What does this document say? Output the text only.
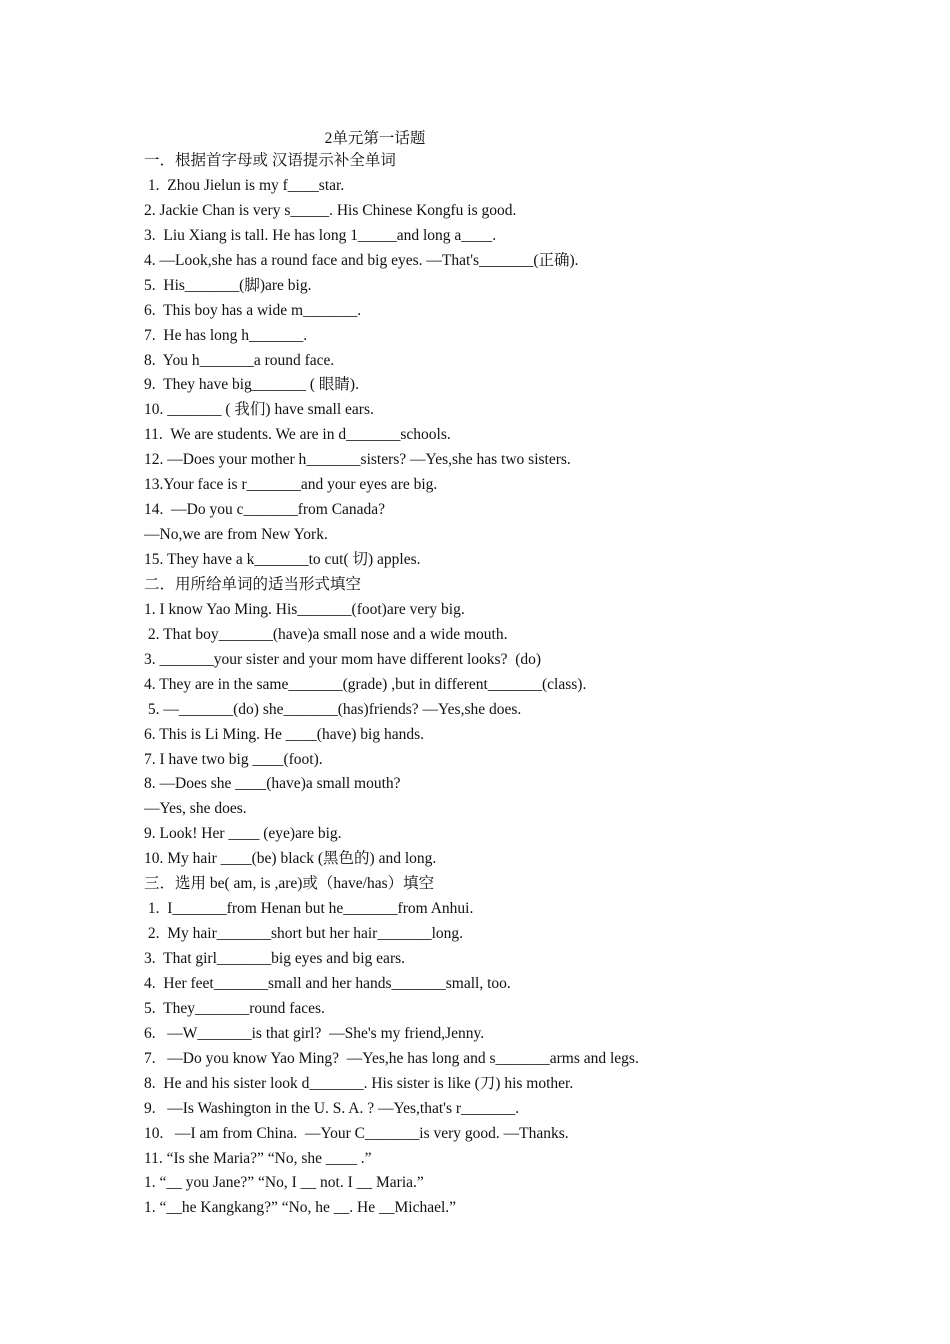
2单元第一话题
一．根据首字母或 汉语提示补全单词
1.  Zhou Jielun is my f____star.
2. Jackie Chan is very s_____. His Chinese Kongfu is good.
3.  Liu Xiang is tall. He has long 1_____and long a____.
4. —Look,she has a round face and big eyes. —That's_______(正确).
5.  His_______(脚)are big.
6.  This boy has a wide m_______.
7.  He has long h_______.
8.  You h_______a round face.
9.  They have big_______ ( 眼睛).
10. _______ ( 我们) have small ears.
11.  We are students. We are in d_______schools.
12. —Does your mother h_______sisters? —Yes,she has two sisters.
13.Your face is r_______and your eyes are big.
14.  —Do you c_______from Canada?
—No,we are from New York.
15. They have a k_______to cut( 切) apples.
二．用所给单词的适当形式填空
1. I know Yao Ming. His_______(foot)are very big.
2. That boy_______(have)a small nose and a wide mouth.
3. _______your sister and your mom have different looks?  (do)
4. They are in the same_______(grade) ,but in different_______(class).
5. —_______(do) she_______(has)friends? —Yes,she does.
6. This is Li Ming. He ____(have) big hands.
7. I have two big ____(foot).
8. —Does she ____(have)a small mouth?
—Yes, she does.
9. Look! Her ____ (eye)are big.
10. My hair ____(be) black (黑色的) and long.
三．选用 be( am, is ,are)或（have/has）填空
1.  I_______from Henan but he_______from Anhui.
2.  My hair_______short but her hair_______long.
3.  That girl_______big eyes and big ears.
4.  Her feet_______small and her hands_______small, too.
5.  They_______round faces.
6.   —W_______is that girl?  —She's my friend,Jenny.
7.   —Do you know Yao Ming?  —Yes,he has long and s_______arms and legs.
8.  He and his sister look d_______. His sister is like (刀) his mother.
9.   —Is Washington in the U. S. A. ? —Yes,that's r_______.
10.   —I am from China.  —Your C_______is very good. —Thanks.
11. “Is she Maria?” “No, she ____ .”
1. “__ you Jane?” “No, I __ not. I __ Maria.”
1. “__he Kangkang?” “No, he __. He __Michael.”
